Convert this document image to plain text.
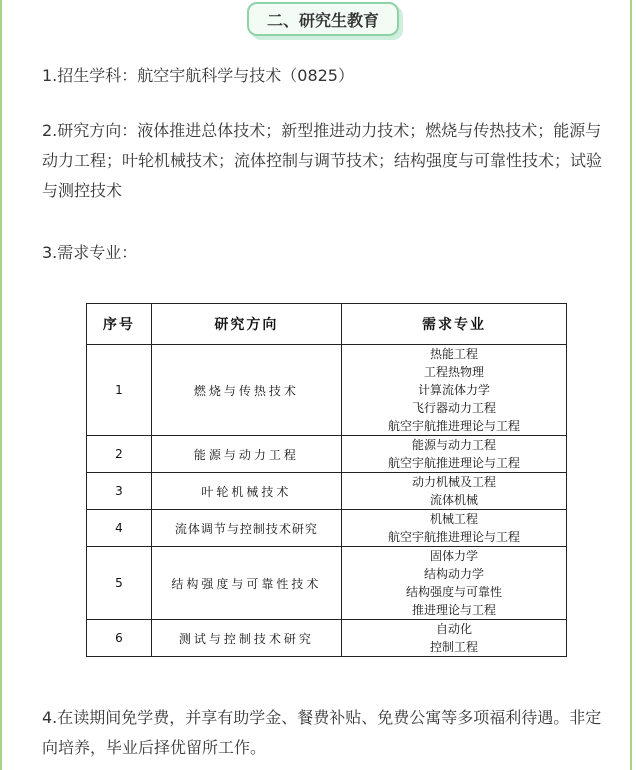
二、研究生教育

1.招生学科：航空宇航科学与技术（0825）

2.研究方向：液体推进总体技术；新型推进动力技术；燃烧与传热技术；能源与动力工程；叶轮机械技术；流体控制与调节技术；结构强度与可靠性技术；试验与测控技术

3.需求专业：

序号	研究方向	需求专业
1	燃烧与传热技术	热能工程
工程热物理
计算流体力学
飞行器动力工程
航空宇航推进理论与工程

2	能源与动力工程	能源与动力工程
航空宇航推进理论与工程

3	叶轮机械技术	动力机械及工程
流体机械

4	流体调节与控制技术研究	机械工程
航空宇航推进理论与工程

5	结构强度与可靠性技术	固体力学
结构动力学
结构强度与可靠性
推进理论与工程

6	测试与控制技术研究	自动化
控制工程

4.在读期间免学费，并享有助学金、餐费补贴、免费公寓等多项福利待遇。非定向培养，毕业后择优留所工作。
